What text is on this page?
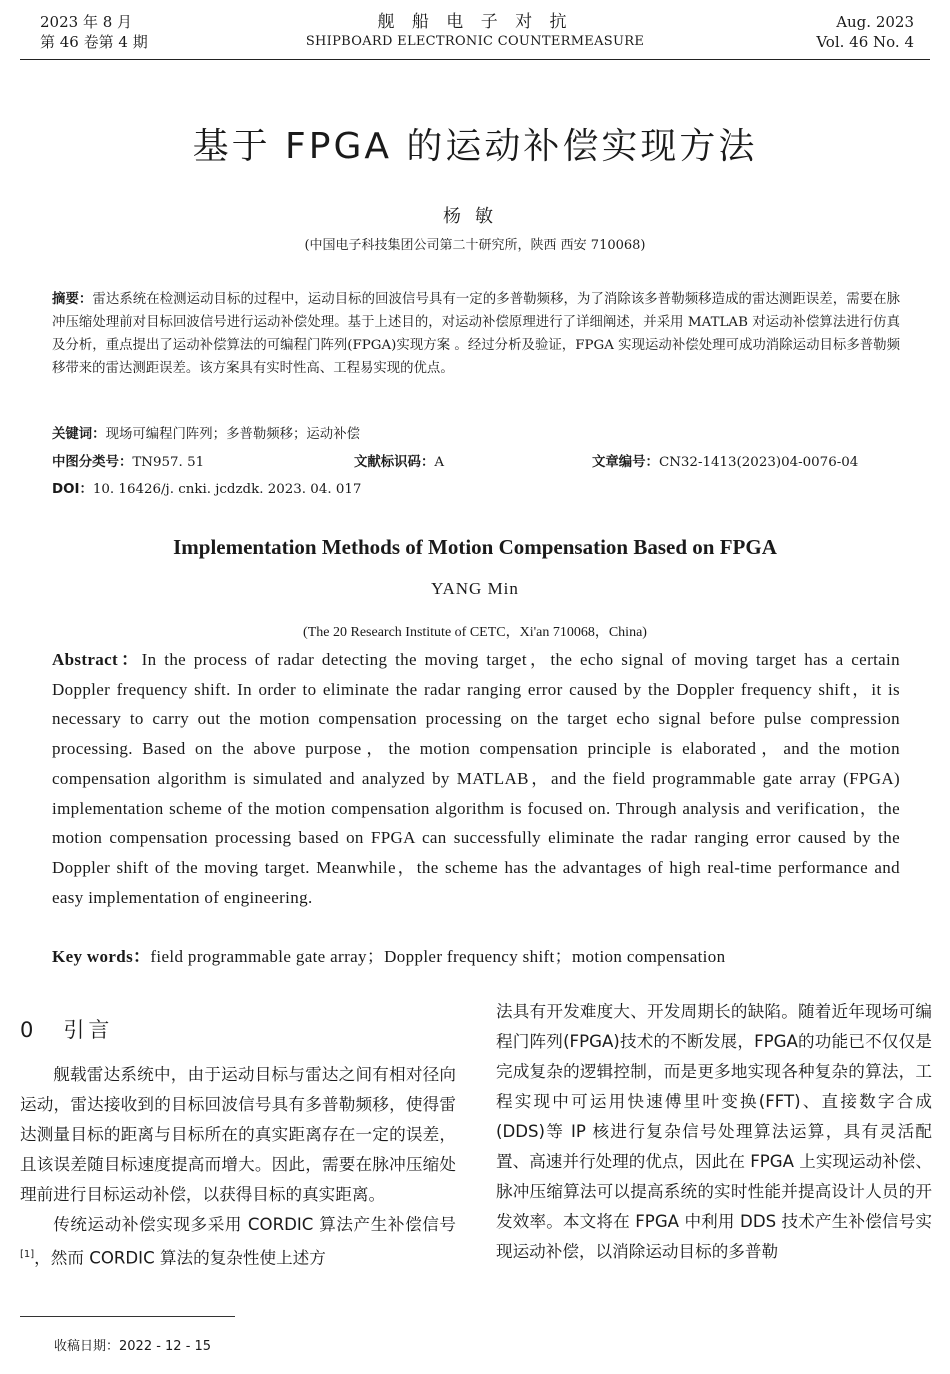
2023 年 8 月
第 46 卷第 4 期
舰 船 电 子 对 抗
SHIPBOARD ELECTRONIC COUNTERMEASURE
Aug. 2023
Vol. 46 No. 4
基于 FPGA 的运动补偿实现方法
杨敏
(中国电子科技集团公司第二十研究所，陕西 西安 710068)
摘要：雷达系统在检测运动目标的过程中，运动目标的回波信号具有一定的多普勒频移，为了消除该多普勒频移造成的雷达测距误差，需要在脉冲压缩处理前对目标回波信号进行运动补偿处理。基于上述目的，对运动补偿原理进行了详细阐述，并采用 MATLAB 对运动补偿算法进行仿真及分析，重点提出了运动补偿算法的可编程门阵列(FPGA)实现方案 。经过分析及验证，FPGA 实现运动补偿处理可成功消除运动目标多普勒频移带来的雷达测距误差。该方案具有实时性高、工程易实现的优点。
关键词：现场可编程门阵列；多普勒频移；运动补偿
中图分类号：TN957. 51	文献标识码：A	文章编号：CN32-1413(2023)04-0076-04
DOI：10. 16426/j. cnki. jcdzdk. 2023. 04. 017
Implementation Methods of Motion Compensation Based on FPGA
YANG Min
(The 20 Research Institute of CETC，Xi'an 710068，China)
Abstract：In the process of radar detecting the moving target，the echo signal of moving target has a certain Doppler frequency shift. In order to eliminate the radar ranging error caused by the Doppler frequency shift，it is necessary to carry out the motion compensation processing on the target echo signal before pulse compression processing. Based on the above purpose，the motion compensation principle is elaborated，and the motion compensation algorithm is simulated and analyzed by MATLAB，and the field programmable gate array (FPGA) implementation scheme of the motion compensation algorithm is focused on. Through analysis and verification，the motion compensation processing based on FPGA can successfully eliminate the radar ranging error caused by the Doppler shift of the moving target. Meanwhile，the scheme has the advantages of high real-time performance and easy implementation of engineering.
Key words：field programmable gate array；Doppler frequency shift；motion compensation
0 引言

舰载雷达系统中，由于运动目标与雷达之间有相对径向运动，雷达接收到的目标回波信号具有多普勒频移，使得雷达测量目标的距离与目标所在的真实距离存在一定的误差，且该误差随目标速度提高而增大。因此，需要在脉冲压缩处理前进行目标运动补偿，以获得目标的真实距离。

传统运动补偿实现多采用 CORDIC 算法产生补偿信号[1]，然而 CORDIC 算法的复杂性使上述方

法具有开发难度大、开发周期长的缺陷。随着近年现场可编程门阵列(FPGA)技术的不断发展，FPGA的功能已不仅仅是完成复杂的逻辑控制，而是更多地实现各种复杂的算法，工程实现中可运用快速傅里叶变换(FFT)、直接数字合成(DDS)等 IP 核进行复杂信号处理算法运算，具有灵活配置、高速并行处理的优点，因此在 FPGA 上实现运动补偿、脉冲压缩算法可以提高系统的实时性能并提高设计人员的开发效率。本文将在 FPGA 中利用 DDS 技术产生补偿信号实现运动补偿，以消除运动目标的多普勒

收稿日期：2022 - 12 - 15
